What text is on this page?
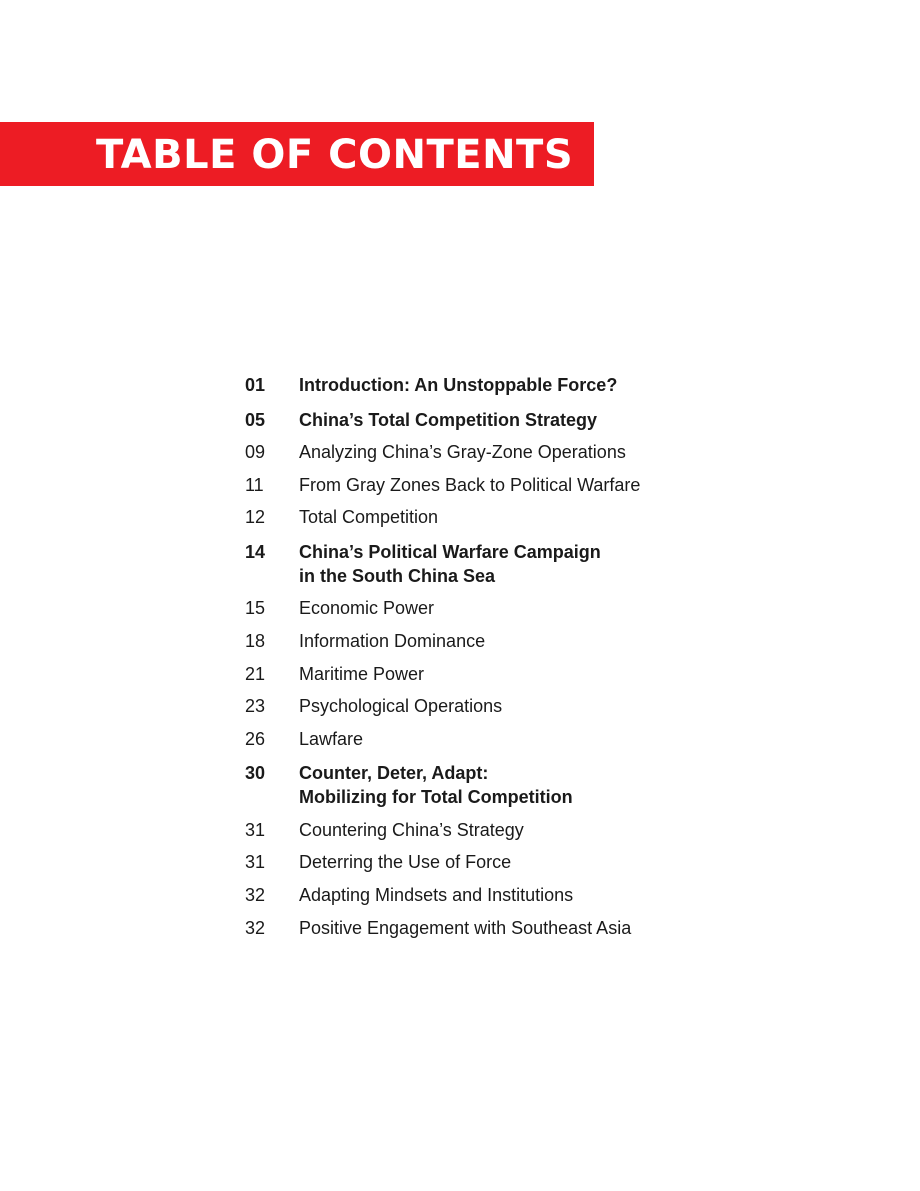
TABLE OF CONTENTS
01	Introduction: An Unstoppable Force?
05	China’s Total Competition Strategy
09	Analyzing China’s Gray-Zone Operations
11	From Gray Zones Back to Political Warfare
12	Total Competition
14	China’s Political Warfare Campaign
in the South China Sea
15	Economic Power
18	Information Dominance
21	Maritime Power
23	Psychological Operations
26	Lawfare
30	Counter, Deter, Adapt:
Mobilizing for Total Competition
31	Countering China’s Strategy
31	Deterring the Use of Force
32	Adapting Mindsets and Institutions
32	Positive Engagement with Southeast Asia
